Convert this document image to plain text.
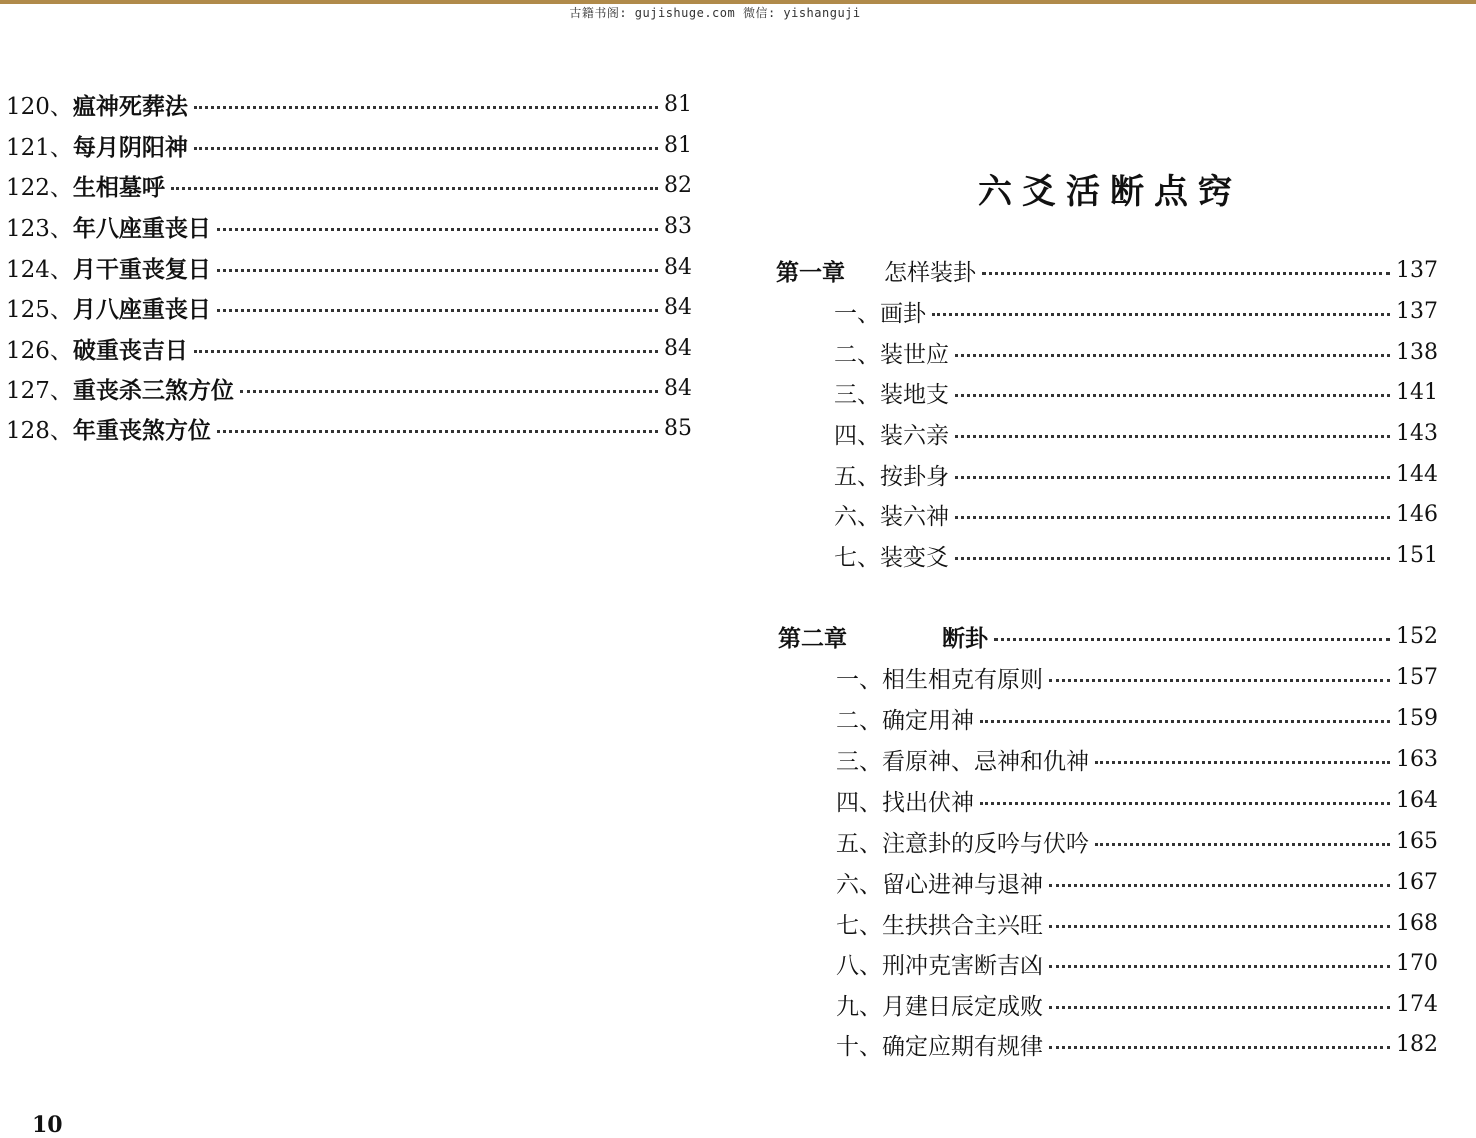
古籍书阁: gujishuge.com 微信: yishanguji
120、瘟神死葬法	81
121、每月阴阳神	81
122、生相墓呼	82
123、年八座重丧日	83
124、月干重丧复日	84
125、月八座重丧日	84
126、破重丧吉日	84
127、重丧杀三煞方位	84
128、年重丧煞方位	85
六爻活断点窍
第一章 怎样装卦	137
一、画卦	137
二、装世应	138
三、装地支	141
四、装六亲	143
五、按卦身	144
六、装六神	146
七、装变爻	151
第二章	断卦	152
一、相生相克有原则	157
二、确定用神	159
三、看原神、忌神和仇神	163
四、找出伏神	164
五、注意卦的反吟与伏吟	165
六、留心进神与退神	167
七、生扶拱合主兴旺	168
八、刑冲克害断吉凶	170
九、月建日辰定成败	174
十、确定应期有规律	182
10
